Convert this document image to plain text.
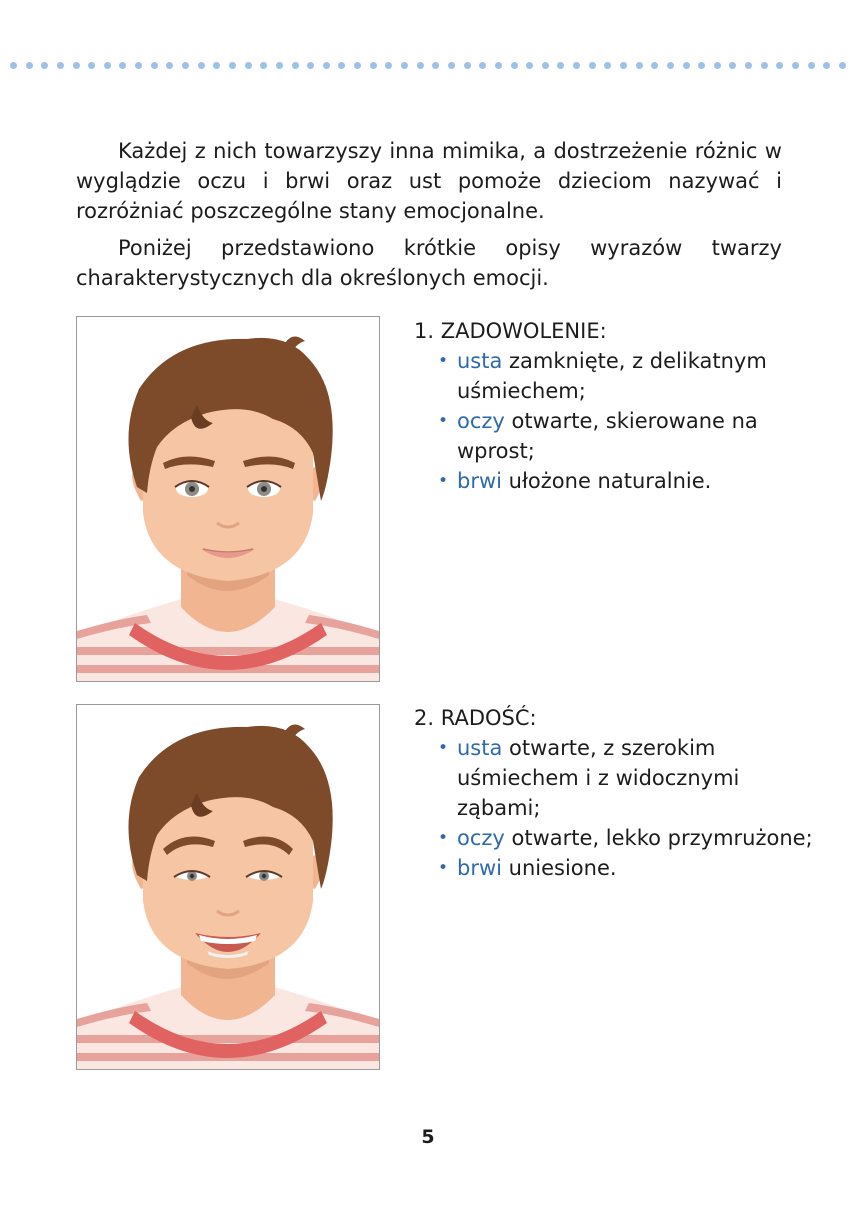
Każdej z nich towarzyszy inna mimika, a dostrzeżenie różnic w wyglądzie oczu i brwi oraz ust pomoże dzieciom nazywać i rozróżniać poszczególne stany emocjonalne.

Poniżej przedstawiono krótkie opisy wyrazów twarzy charakterystycznych dla określonych emocji.

1. ZADOWOLENIE:
• usta zamknięte, z delikatnym uśmiechem;
• oczy otwarte, skierowane na wprost;
• brwi ułożone naturalnie.
2. RADOŚĆ:
• usta otwarte, z szerokim uśmiechem i z widocznymi ząbami;
• oczy otwarte, lekko przymrużone;
• brwi uniesione.
5
